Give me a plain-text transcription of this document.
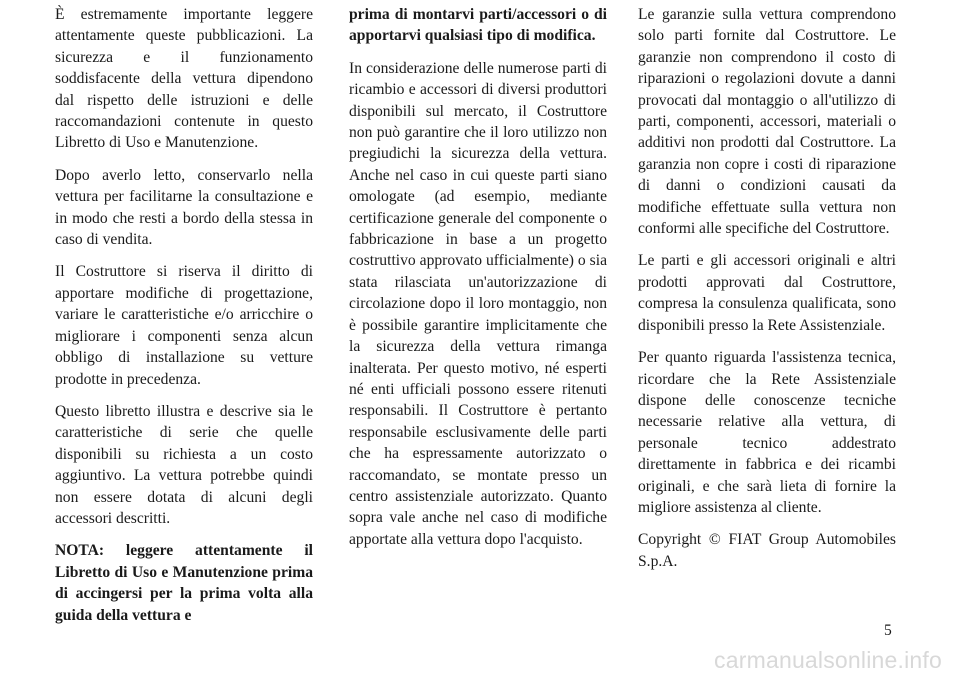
È estremamente importante leggere attentamente queste pubblicazioni. La sicurezza e il funzionamento soddisfacente della vettura dipendono dal rispetto delle istruzioni e delle raccomandazioni contenute in questo Libretto di Uso e Manutenzione.

Dopo averlo letto, conservarlo nella vettura per facilitarne la consultazione e in modo che resti a bordo della stessa in caso di vendita.

Il Costruttore si riserva il diritto di apportare modifiche di progettazione, variare le caratteristiche e/o arricchire o migliorare i componenti senza alcun obbligo di installazione su vetture prodotte in precedenza.

Questo libretto illustra e descrive sia le caratteristiche di serie che quelle disponibili su richiesta a un costo aggiuntivo. La vettura potrebbe quindi non essere dotata di alcuni degli accessori descritti.

NOTA: leggere attentamente il Libretto di Uso e Manutenzione prima di accingersi per la prima volta alla guida della vettura e

prima di montarvi parti/accessori o di apportarvi qualsiasi tipo di modifica.

In considerazione delle numerose parti di ricambio e accessori di diversi produttori disponibili sul mercato, il Costruttore non può garantire che il loro utilizzo non pregiudichi la sicurezza della vettura. Anche nel caso in cui queste parti siano omologate (ad esempio, mediante certificazione generale del componente o fabbricazione in base a un progetto costruttivo approvato ufficialmente) o sia stata rilasciata un'autorizzazione di circolazione dopo il loro montaggio, non è possibile garantire implicitamente che la sicurezza della vettura rimanga inalterata. Per questo motivo, né esperti né enti ufficiali possono essere ritenuti responsabili. Il Costruttore è pertanto responsabile esclusivamente delle parti che ha espressamente autorizzato o raccomandato, se montate presso un centro assistenziale autorizzato. Quanto sopra vale anche nel caso di modifiche apportate alla vettura dopo l'acquisto.

Le garanzie sulla vettura comprendono solo parti fornite dal Costruttore. Le garanzie non comprendono il costo di riparazioni o regolazioni dovute a danni provocati dal montaggio o all'utilizzo di parti, componenti, accessori, materiali o additivi non prodotti dal Costruttore. La garanzia non copre i costi di riparazione di danni o condizioni causati da modifiche effettuate sulla vettura non conformi alle specifiche del Costruttore.

Le parti e gli accessori originali e altri prodotti approvati dal Costruttore, compresa la consulenza qualificata, sono disponibili presso la Rete Assistenziale.

Per quanto riguarda l'assistenza tecnica, ricordare che la Rete Assistenziale dispone delle conoscenze tecniche necessarie relative alla vettura, di personale tecnico addestrato direttamente in fabbrica e dei ricambi originali, e che sarà lieta di fornire la migliore assistenza al cliente.

Copyright © FIAT Group Automobiles S.p.A.

5
carmanualsonline.info
